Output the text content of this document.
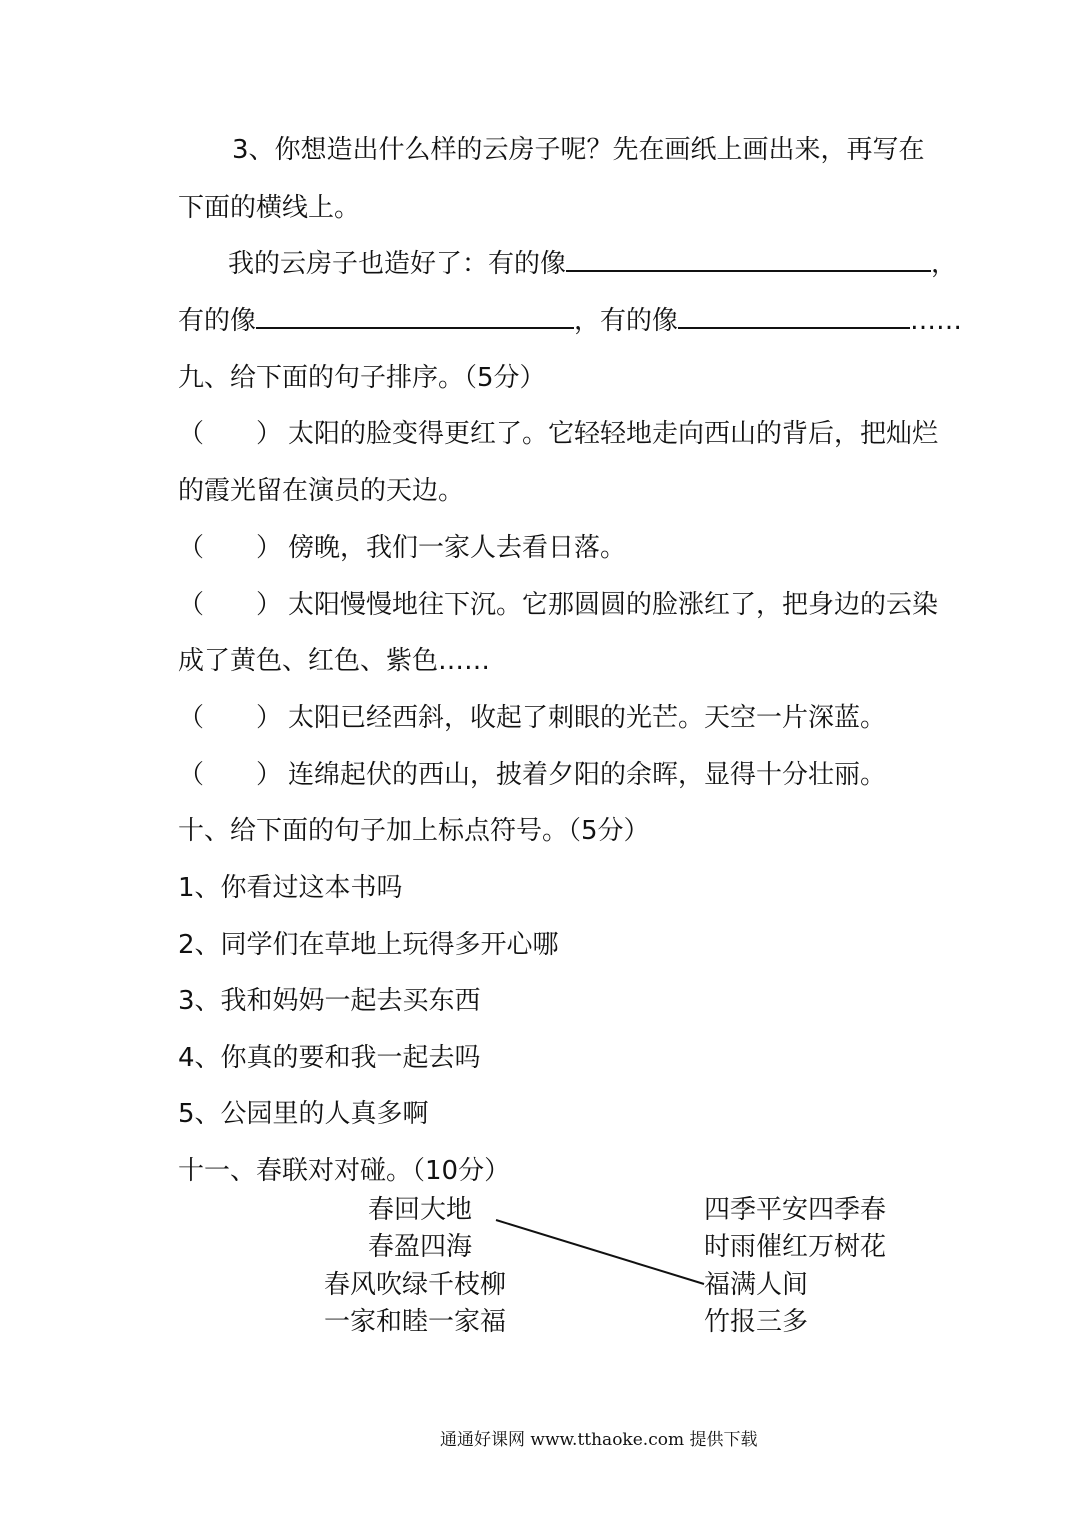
3、你想造出什么样的云房子呢？先在画纸上画出来，再写在
下面的横线上。
我的云房子也造好了：有的像	，
有的像	，有的像	……
九、给下面的句子排序。（5分）
（　　） 太阳的脸变得更红了。它轻轻地走向西山的背后，把灿烂
的霞光留在演员的天边。
（　　） 傍晚，我们一家人去看日落。
（　　） 太阳慢慢地往下沉。它那圆圆的脸涨红了，把身边的云染
成了黄色、红色、紫色……
（　　） 太阳已经西斜，收起了刺眼的光芒。天空一片深蓝。
（　　） 连绵起伏的西山，披着夕阳的余晖，显得十分壮丽。
十、给下面的句子加上标点符号。（5分）
1、你看过这本书吗
2、同学们在草地上玩得多开心哪
3、我和妈妈一起去买东西
4、你真的要和我一起去吗
5、公园里的人真多啊
十一、春联对对碰。（10分）
春回大地
春盈四海
春风吹绿千枝柳
一家和睦一家福
四季平安四季春
时雨催红万树花
福满人间
竹报三多
通通好课网 www.tthaoke.com 提供下载
